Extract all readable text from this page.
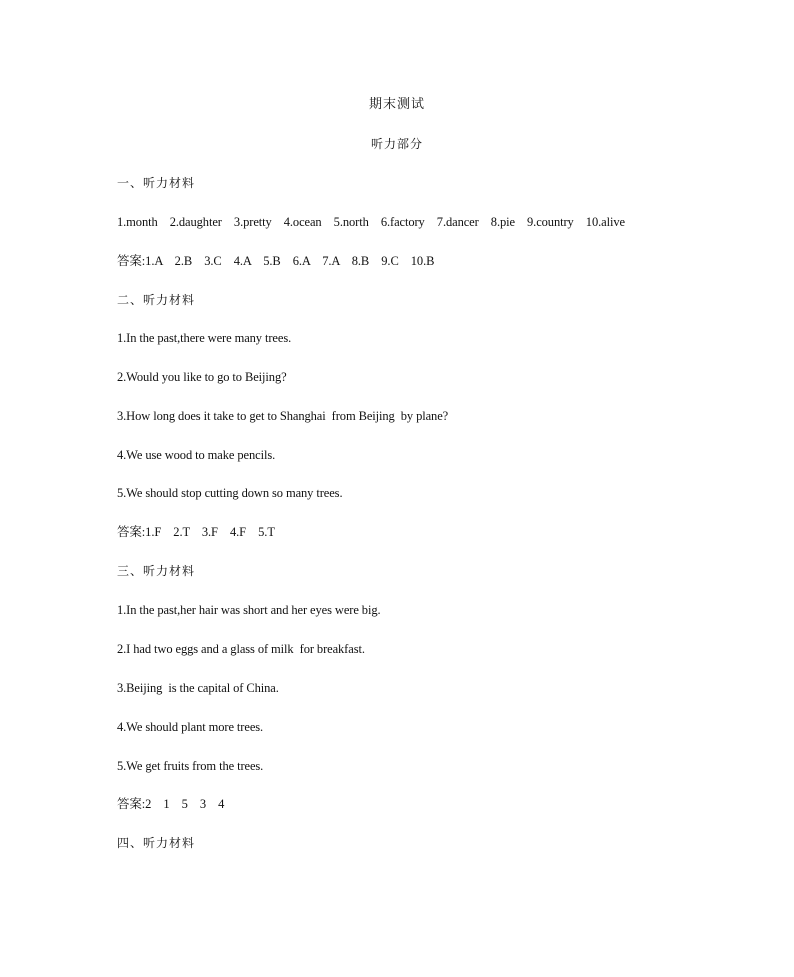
期末测试
听力部分
一、听力材料
1.month    2.daughter    3.pretty    4.ocean    5.north    6.factory    7.dancer    8.pie    9.country    10.alive
答案:1.A    2.B    3.C    4.A    5.B    6.A    7.A    8.B    9.C    10.B
二、听力材料
1.In the past,there were many trees.
2.Would you like to go to Beijing?
3.How long does it take to get to Shanghai  from Beijing  by plane?
4.We use wood to make pencils.
5.We should stop cutting down so many trees.
答案:1.F    2.T    3.F    4.F    5.T
三、听力材料
1.In the past,her hair was short and her eyes were big.
2.I had two eggs and a glass of milk  for breakfast.
3.Beijing  is the capital of China.
4.We should plant more trees.
5.We get fruits from the trees.
答案:2    1    5    3    4
四、听力材料
